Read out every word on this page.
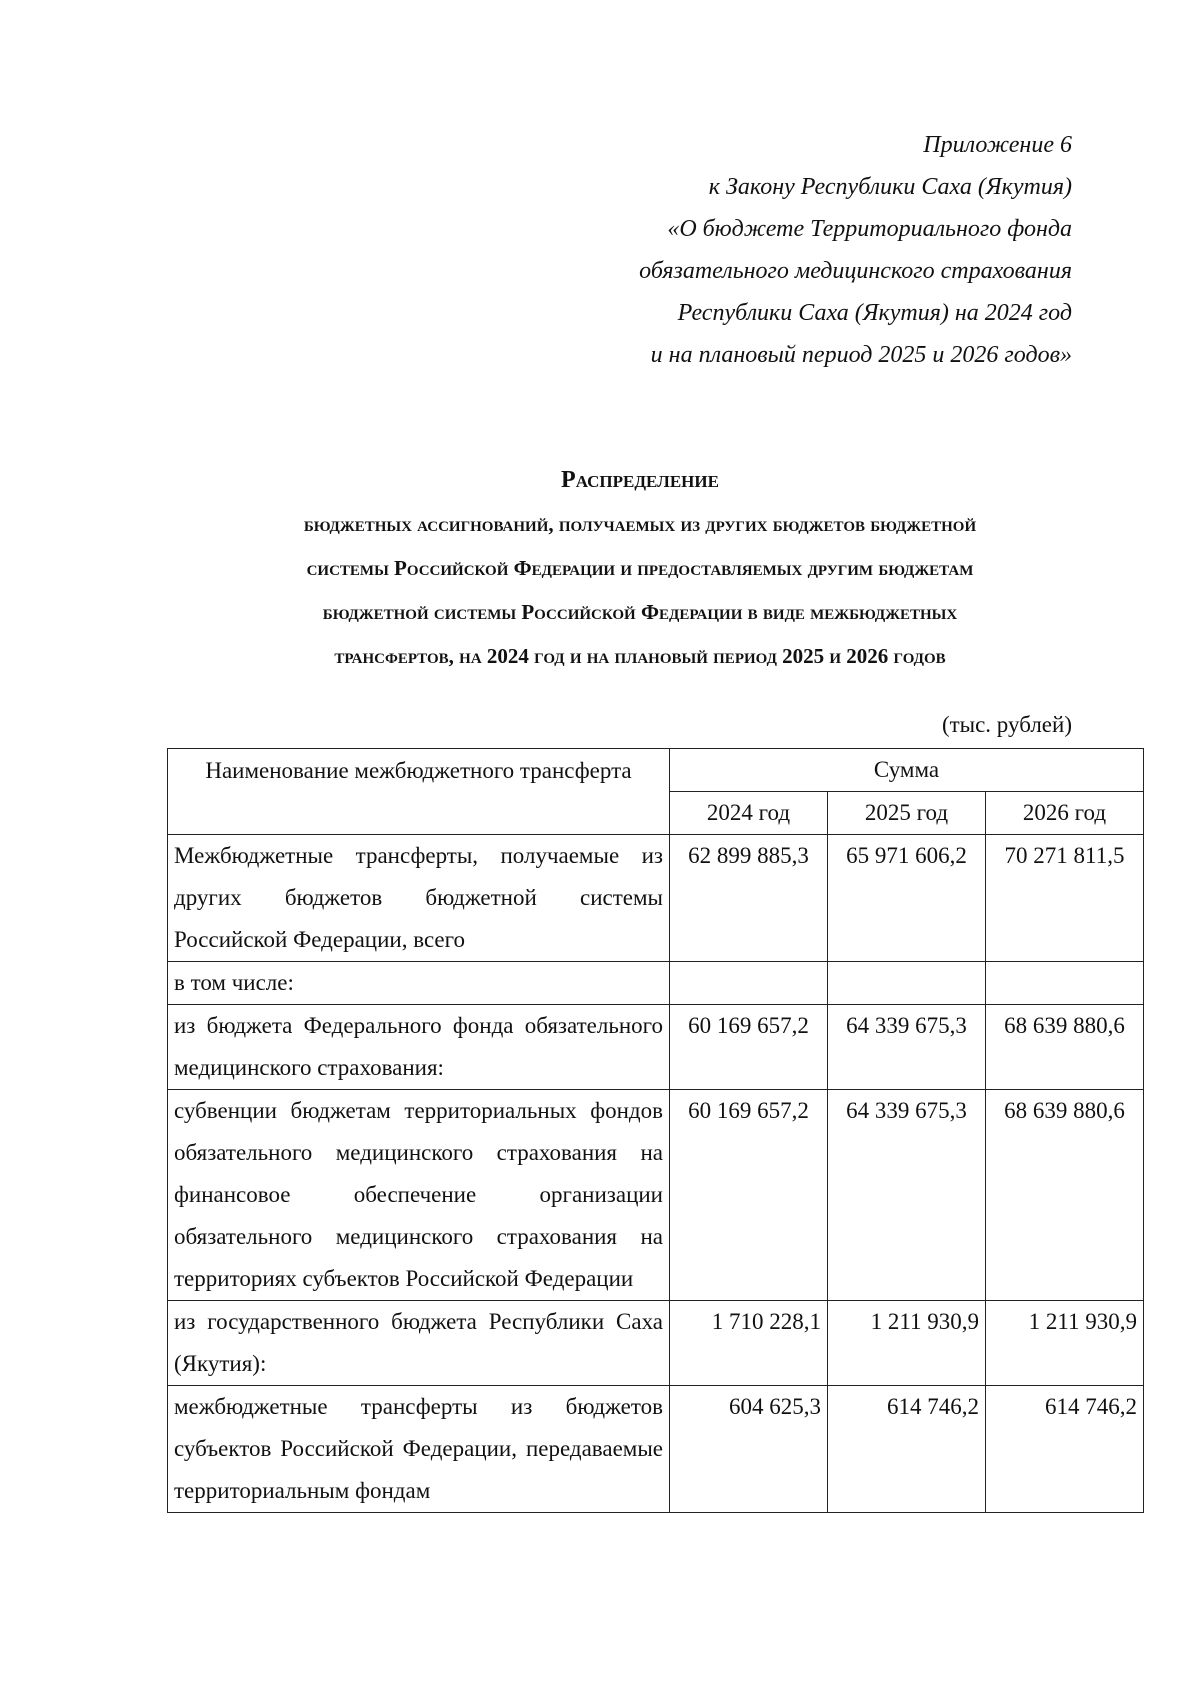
Приложение 6
к Закону Республики Саха (Якутия)
«О бюджете Территориального фонда
обязательного медицинского страхования
Республики Саха (Якутия) на 2024 год
и на плановый период 2025 и 2026 годов»
Распределение
бюджетных ассигнований, получаемых из других бюджетов бюджетной
системы Российской Федерации и предоставляемых другим бюджетам
бюджетной системы Российской Федерации в виде межбюджетных
трансфертов, на 2024 год и на плановый период 2025 и 2026 годов
(тыс. рублей)
Наименование межбюджетного трансферта	Сумма		
	2024 год	2025 год	2026 год
Межбюджетные трансферты, получаемые из других бюджетов бюджетной системы Российской Федерации, всего	62 899 885,3	65 971 606,2	70 271 811,5
в том числе:			
из бюджета Федерального фонда обязательного медицинского страхования:	60 169 657,2	64 339 675,3	68 639 880,6
субвенции бюджетам территориальных фондов обязательного медицинского страхования на финансовое обеспечение организации обязательного медицинского страхования на территориях субъектов Российской Федерации	60 169 657,2	64 339 675,3	68 639 880,6
из государственного бюджета Республики Саха (Якутия):	1 710 228,1	1 211 930,9	1 211 930,9
межбюджетные трансферты из бюджетов субъектов Российской Федерации, передаваемые территориальным фондам	604 625,3	614 746,2	614 746,2
